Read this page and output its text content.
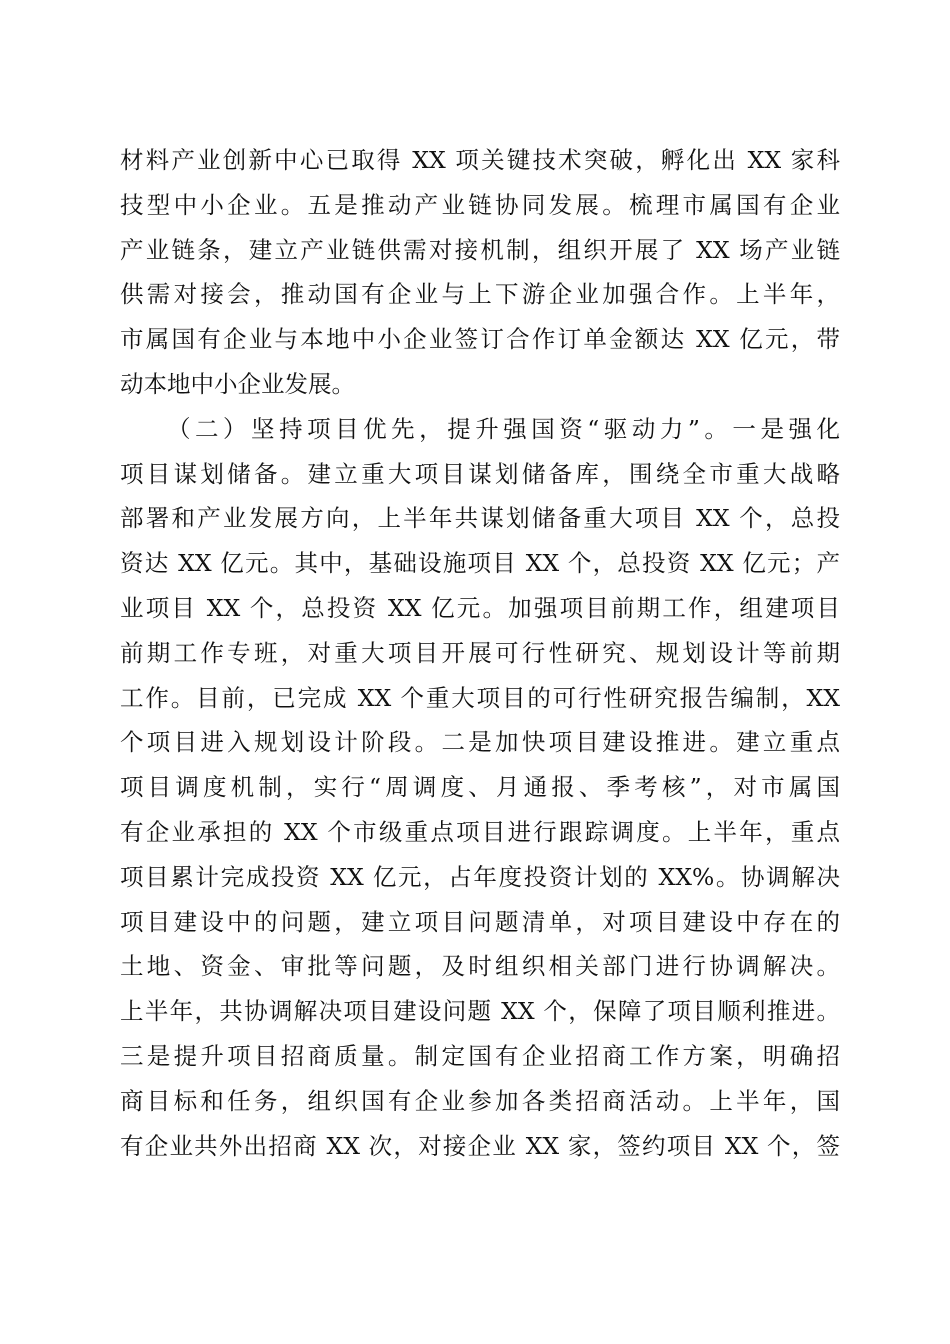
材料产业创新中心已取得 XX 项关键技术突破，孵化出 XX 家科
技型中小企业。五是推动产业链协同发展。梳理市属国有企业
产业链条，建立产业链供需对接机制，组织开展了 XX 场产业链
供需对接会，推动国有企业与上下游企业加强合作。上半年，
市属国有企业与本地中小企业签订合作订单金额达 XX 亿元，带
动本地中小企业发展。
（二）坚持项目优先，提升强国资“驱动力”。一是强化
项目谋划储备。建立重大项目谋划储备库，围绕全市重大战略
部署和产业发展方向，上半年共谋划储备重大项目 XX 个，总投
资达 XX 亿元。其中，基础设施项目 XX 个，总投资 XX 亿元；产
业项目 XX 个，总投资 XX 亿元。加强项目前期工作，组建项目
前期工作专班，对重大项目开展可行性研究、规划设计等前期
工作。目前，已完成 XX 个重大项目的可行性研究报告编制，XX
个项目进入规划设计阶段。二是加快项目建设推进。建立重点
项目调度机制，实行“周调度、月通报、季考核”，对市属国
有企业承担的 XX 个市级重点项目进行跟踪调度。上半年，重点
项目累计完成投资 XX 亿元，占年度投资计划的 XX%。协调解决
项目建设中的问题，建立项目问题清单，对项目建设中存在的
土地、资金、审批等问题，及时组织相关部门进行协调解决。
上半年，共协调解决项目建设问题 XX 个，保障了项目顺利推进。
三是提升项目招商质量。制定国有企业招商工作方案，明确招
商目标和任务，组织国有企业参加各类招商活动。上半年，国
有企业共外出招商 XX 次，对接企业 XX 家，签约项目 XX 个，签
